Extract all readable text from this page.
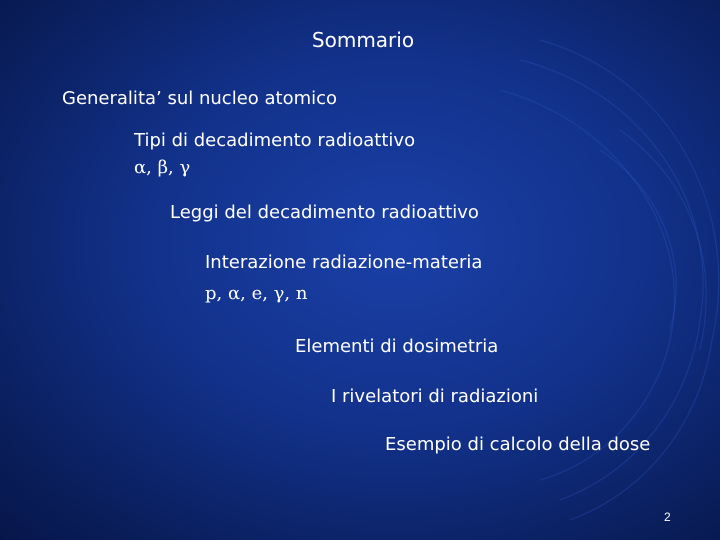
Sommario
Generalita’ sul nucleo atomico
Tipi di decadimento radioattivo
α, β, γ
Leggi del decadimento radioattivo
Interazione radiazione-materia
p, α, e, γ, n
Elementi di dosimetria
I rivelatori di radiazioni
Esempio di calcolo della dose
2
